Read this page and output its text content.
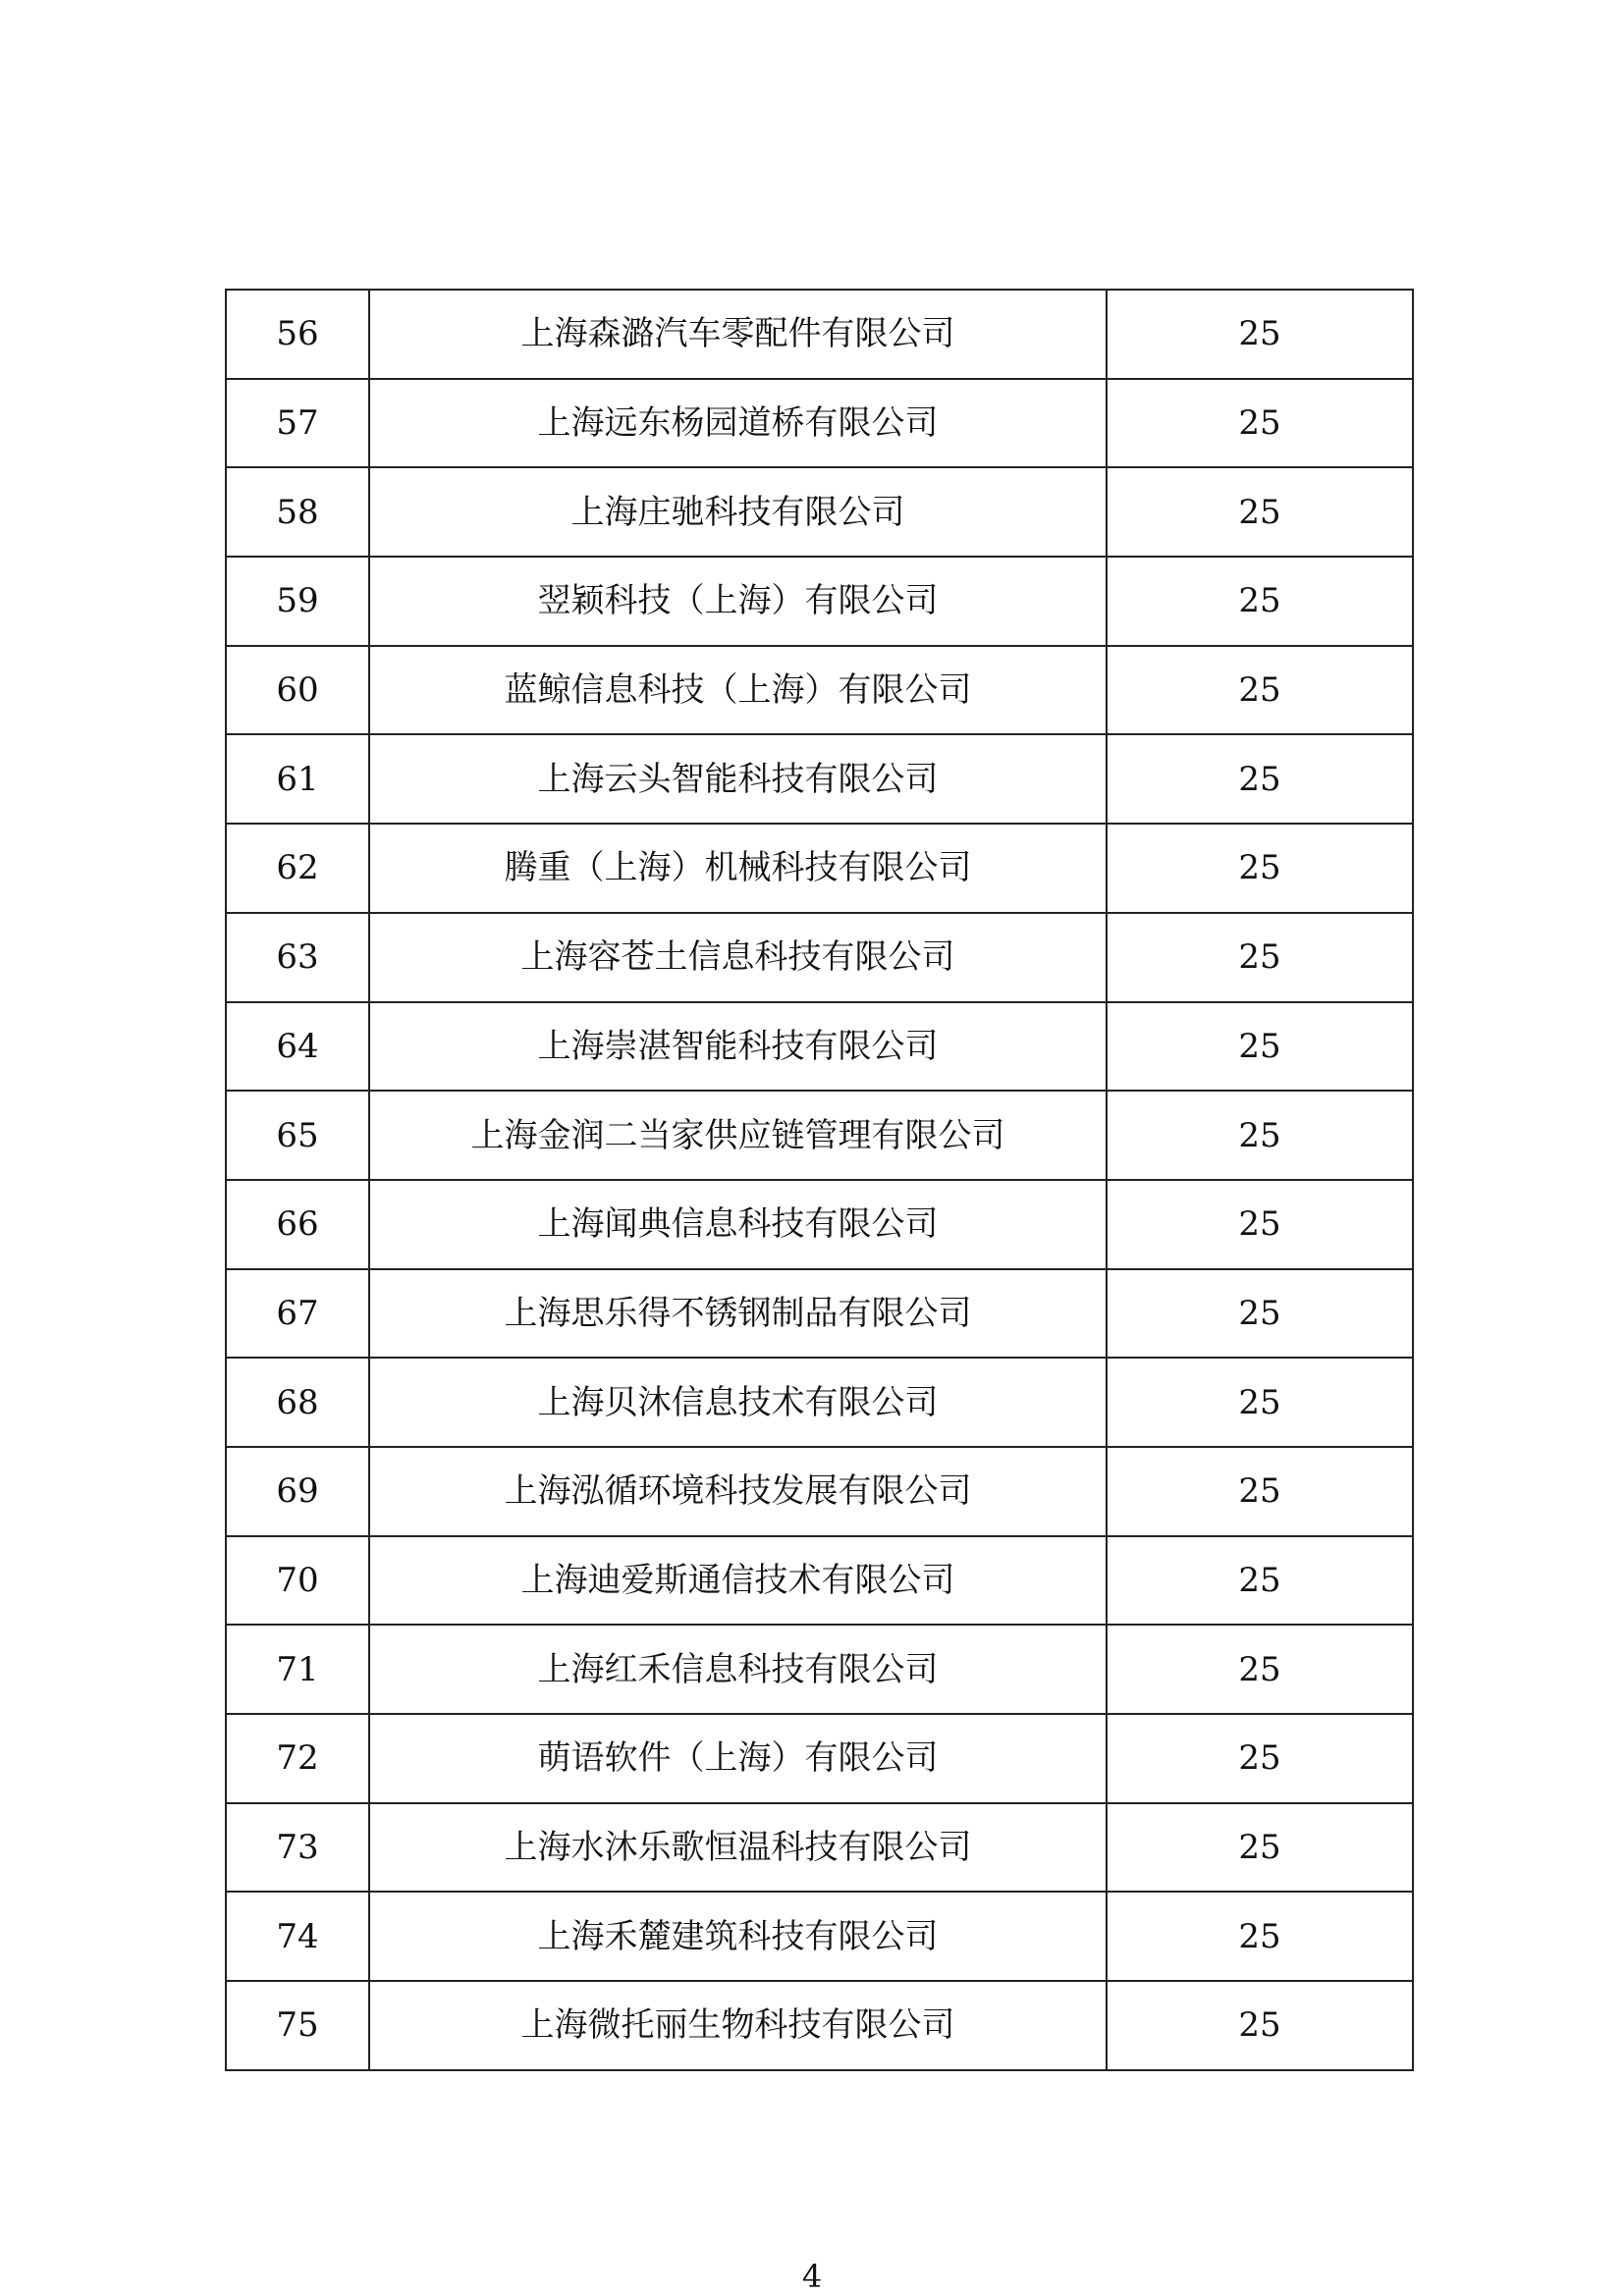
56	上海森潞汽车零配件有限公司	25
57	上海远东杨园道桥有限公司	25
58	上海庄驰科技有限公司	25
59	翌颖科技（上海）有限公司	25
60	蓝鲸信息科技（上海）有限公司	25
61	上海云头智能科技有限公司	25
62	腾重（上海）机械科技有限公司	25
63	上海容苍土信息科技有限公司	25
64	上海崇湛智能科技有限公司	25
65	上海金润二当家供应链管理有限公司	25
66	上海闻典信息科技有限公司	25
67	上海思乐得不锈钢制品有限公司	25
68	上海贝沐信息技术有限公司	25
69	上海泓循环境科技发展有限公司	25
70	上海迪爱斯通信技术有限公司	25
71	上海红禾信息科技有限公司	25
72	萌语软件（上海）有限公司	25
73	上海水沐乐歌恒温科技有限公司	25
74	上海禾麓建筑科技有限公司	25
75	上海微托丽生物科技有限公司	25
4
